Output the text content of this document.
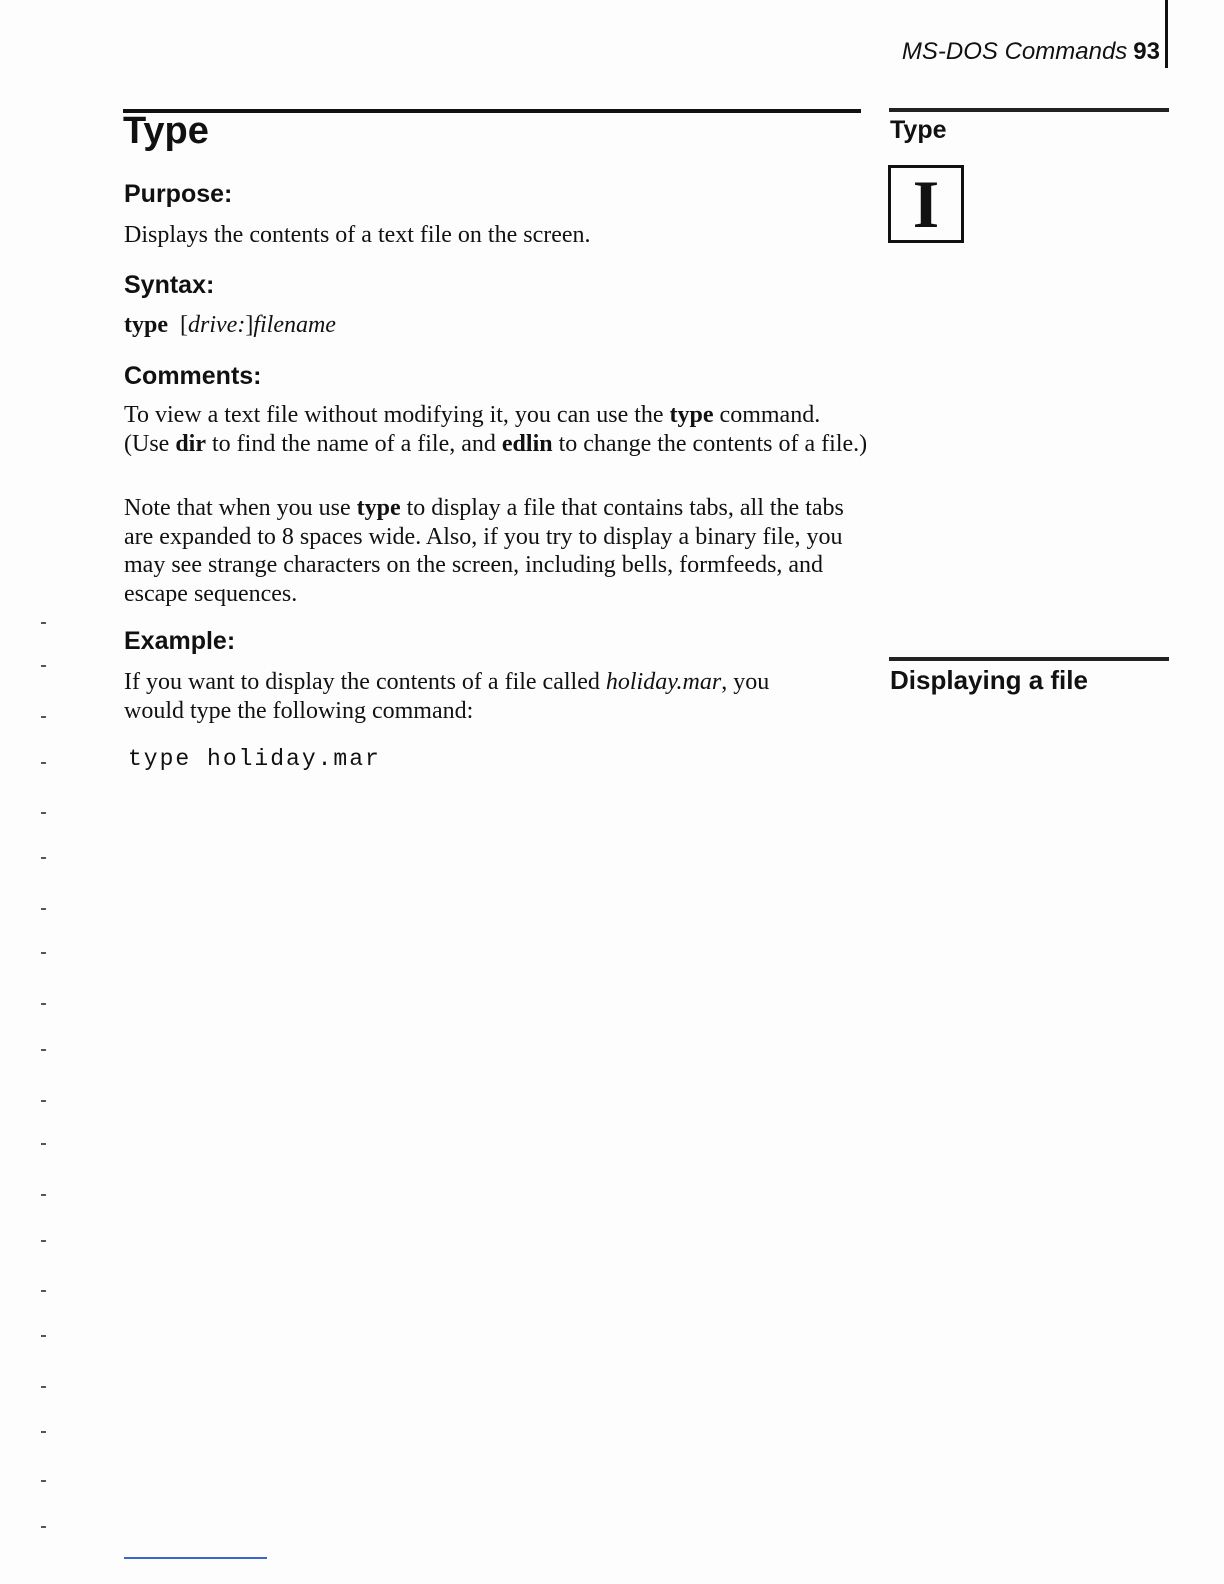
MS-DOS Commands 93
Type
Purpose:

Displays the contents of a text file on the screen.

Syntax:

type [drive:]filename

Comments:

To view a text file without modifying it, you can use the type command. (Use dir to find the name of a file, and edlin to change the contents of a file.)

Note that when you use type to display a file that contains tabs, all the tabs are expanded to 8 spaces wide. Also, if you try to display a binary file, you may see strange characters on the screen, including bells, formfeeds, and escape sequences.

Example:

If you want to display the contents of a file called holiday.mar, you would type the following command:

type holiday.mar
Type
I
Displaying a file
